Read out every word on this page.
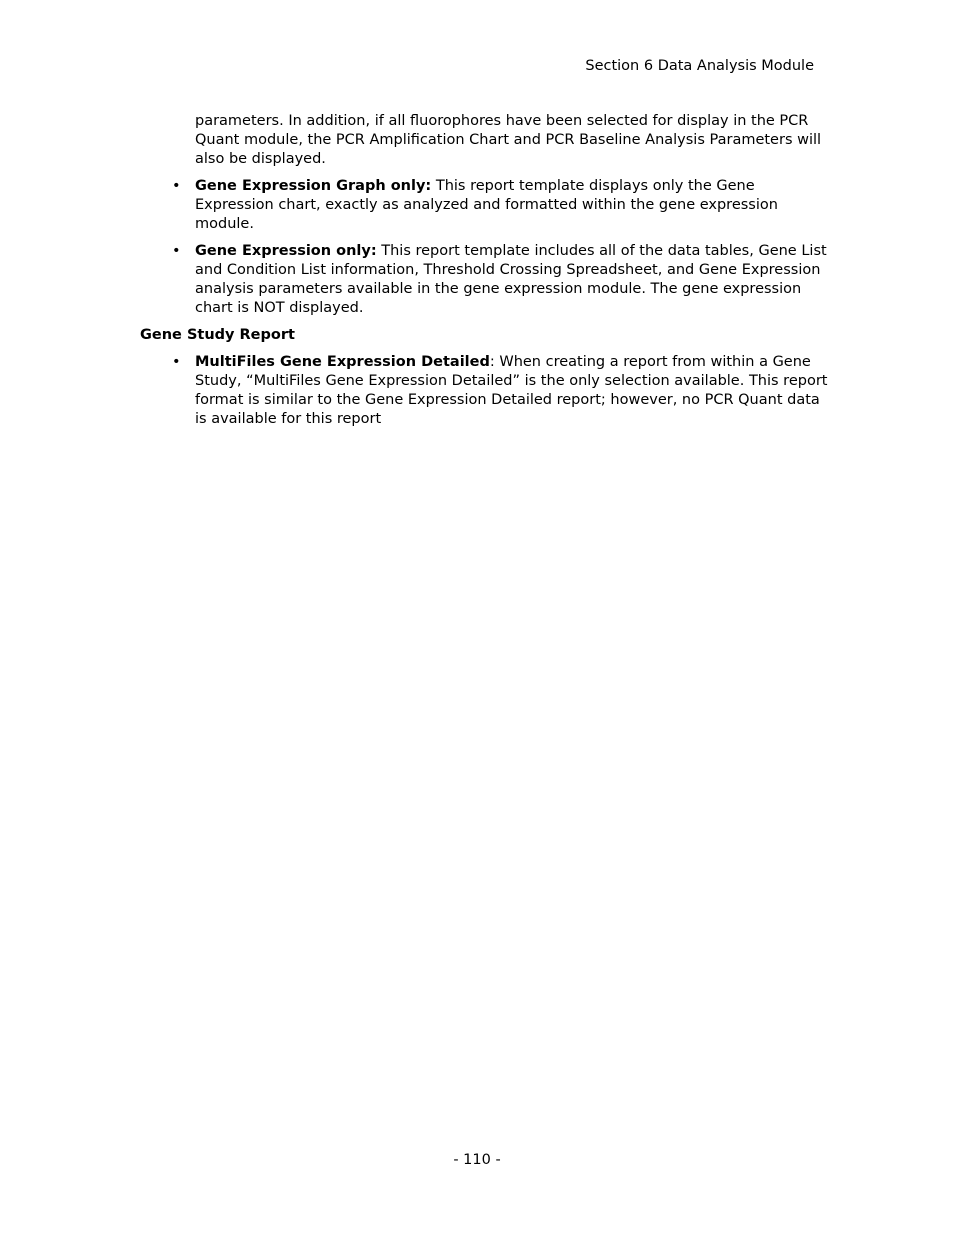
Section 6 Data Analysis Module

parameters. In addition, if all fluorophores have been selected for display in the PCR Quant module, the PCR Amplification Chart and PCR Baseline Analysis Parameters will also be displayed.

• Gene Expression Graph only: This report template displays only the Gene Expression chart, exactly as analyzed and formatted within the gene expression module.
• Gene Expression only: This report template includes all of the data tables, Gene List and Condition List information, Threshold Crossing Spreadsheet, and Gene Expression analysis parameters available in the gene expression module. The gene expression chart is NOT displayed.
Gene Study Report
• MultiFiles Gene Expression Detailed: When creating a report from within a Gene Study, “MultiFiles Gene Expression Detailed” is the only selection available. This report format is similar to the Gene Expression Detailed report; however, no PCR Quant data is available for this report
- 110 -
